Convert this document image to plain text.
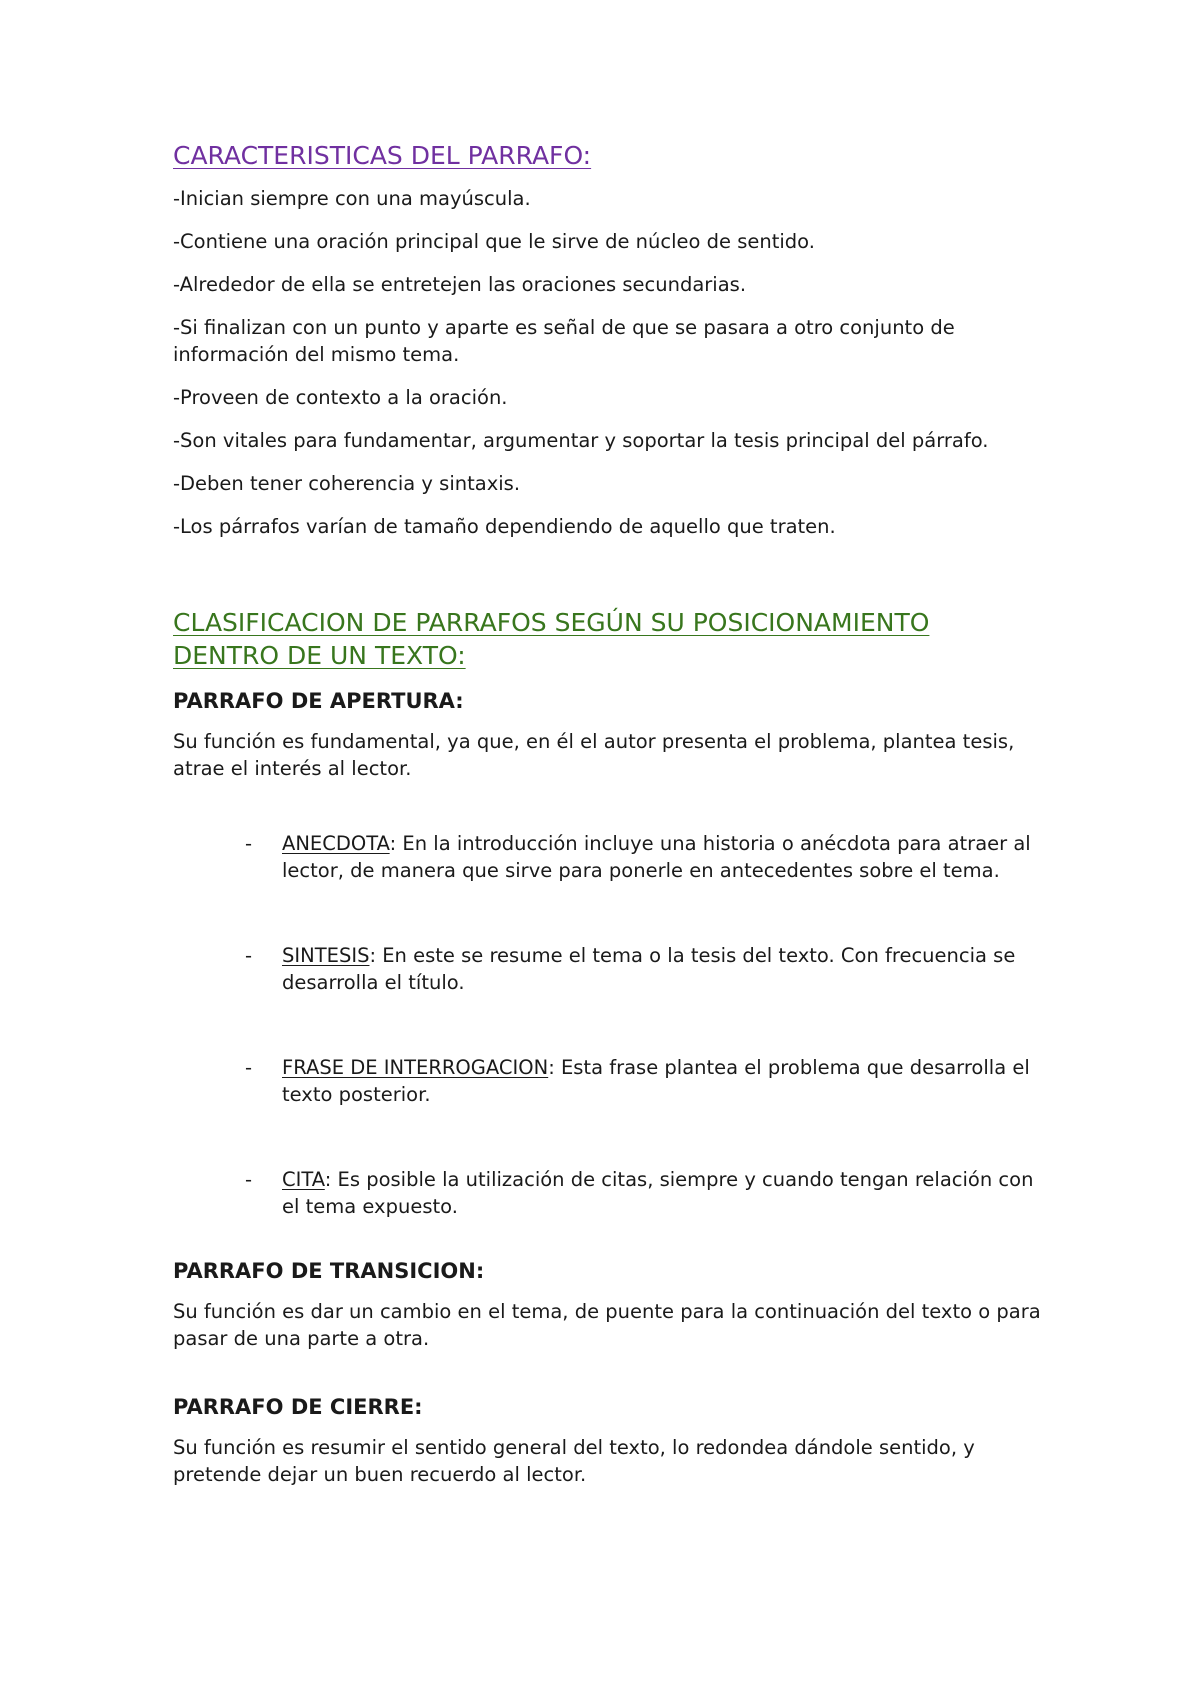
CARACTERISTICAS DEL PARRAFO:

-Inician siempre con una mayúscula.

-Contiene una oración principal que le sirve de núcleo de sentido.

-Alrededor de ella se entretejen las oraciones secundarias.

-Si finalizan con un punto y aparte es señal de que se pasara a otro conjunto de información del mismo tema.

-Proveen de contexto a la oración.

-Son vitales para fundamentar, argumentar y soportar la tesis principal del párrafo.

-Deben tener coherencia y sintaxis.

-Los párrafos varían de tamaño dependiendo de aquello que traten.

CLASIFICACION DE PARRAFOS SEGÚN SU POSICIONAMIENTO DENTRO DE UN TEXTO:
PARRAFO DE APERTURA:

Su función es fundamental, ya que, en él el autor presenta el problema, plantea tesis, atrae el interés al lector.

- ANECDOTA: En la introducción incluye una historia o anécdota para atraer al lector, de manera que sirve para ponerle en antecedentes sobre el tema.
- SINTESIS: En este se resume el tema o la tesis del texto. Con frecuencia se desarrolla el título.
- FRASE DE INTERROGACION: Esta frase plantea el problema que desarrolla el texto posterior.
- CITA: Es posible la utilización de citas, siempre y cuando tengan relación con el tema expuesto.
PARRAFO DE TRANSICION:

Su función es dar un cambio en el tema, de puente para la continuación del texto o para pasar de una parte a otra.

PARRAFO DE CIERRE:

Su función es resumir el sentido general del texto, lo redondea dándole sentido, y pretende dejar un buen recuerdo al lector.
